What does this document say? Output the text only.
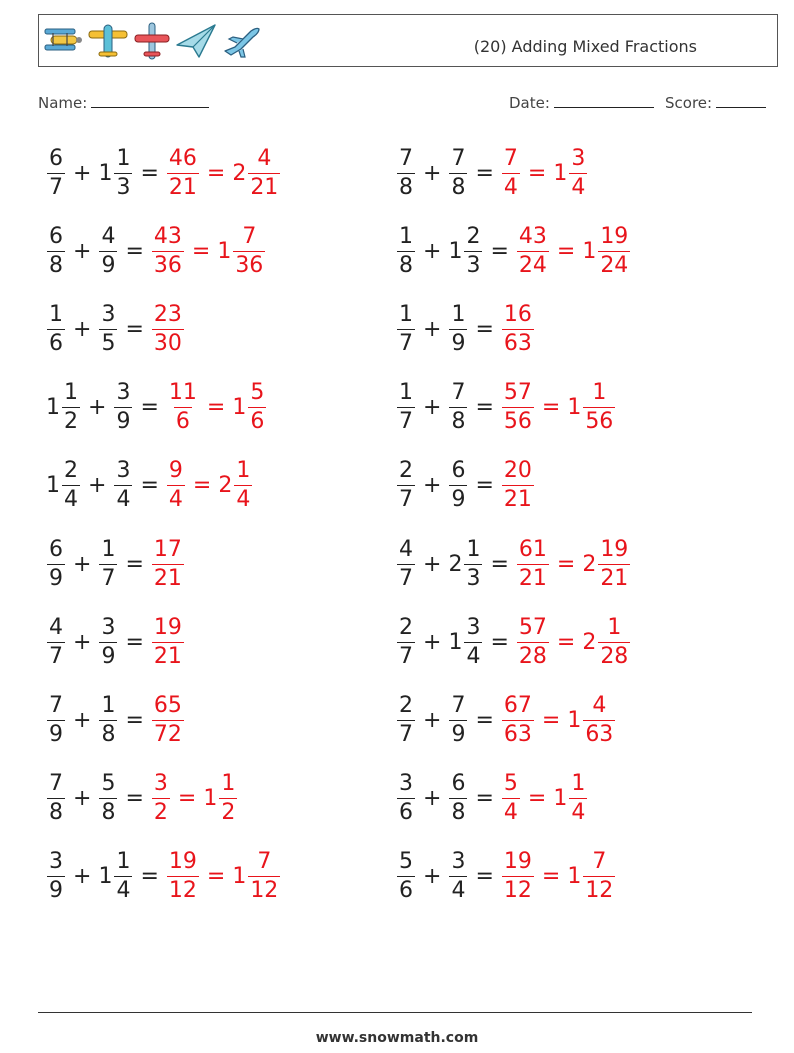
(20) Adding Mixed Fractions
Name:	Date:	Score:
$\frac{6}{7} + 1 \frac{1}{3} = \frac{46}{21} = 2 \frac{4}{21}$	$\frac{7}{8} + \frac{7}{8} = \frac{7}{4} = 1 \frac{3}{4}$
$\frac{6}{8} + \frac{4}{9} = \frac{43}{36} = 1 \frac{7}{36}$	$\frac{1}{8} + 1 \frac{2}{3} = \frac{43}{24} = 1 \frac{19}{24}$
$\frac{1}{6} + \frac{3}{5} = \frac{23}{30}$	$\frac{1}{7} + \frac{1}{9} = \frac{16}{63}$
$1 \frac{1}{2} + \frac{3}{9} = \frac{11}{6} = 1 \frac{5}{6}$	$\frac{1}{7} + \frac{7}{8} = \frac{57}{56} = 1 \frac{1}{56}$
$1 \frac{2}{4} + \frac{3}{4} = \frac{9}{4} = 2 \frac{1}{4}$	$\frac{2}{7} + \frac{6}{9} = \frac{20}{21}$
$\frac{6}{9} + \frac{1}{7} = \frac{17}{21}$	$\frac{4}{7} + 2 \frac{1}{3} = \frac{61}{21} = 2 \frac{19}{21}$
$\frac{4}{7} + \frac{3}{9} = \frac{19}{21}$	$\frac{2}{7} + 1 \frac{3}{4} = \frac{57}{28} = 2 \frac{1}{28}$
$\frac{7}{9} + \frac{1}{8} = \frac{65}{72}$	$\frac{2}{7} + \frac{7}{9} = \frac{67}{63} = 1 \frac{4}{63}$
$\frac{7}{8} + \frac{5}{8} = \frac{3}{2} = 1 \frac{1}{2}$	$\frac{3}{6} + \frac{6}{8} = \frac{5}{4} = 1 \frac{1}{4}$
$\frac{3}{9} + 1 \frac{1}{4} = \frac{19}{12} = 1 \frac{7}{12}$	$\frac{5}{6} + \frac{3}{4} = \frac{19}{12} = 1 \frac{7}{12}$
www.snowmath.com
